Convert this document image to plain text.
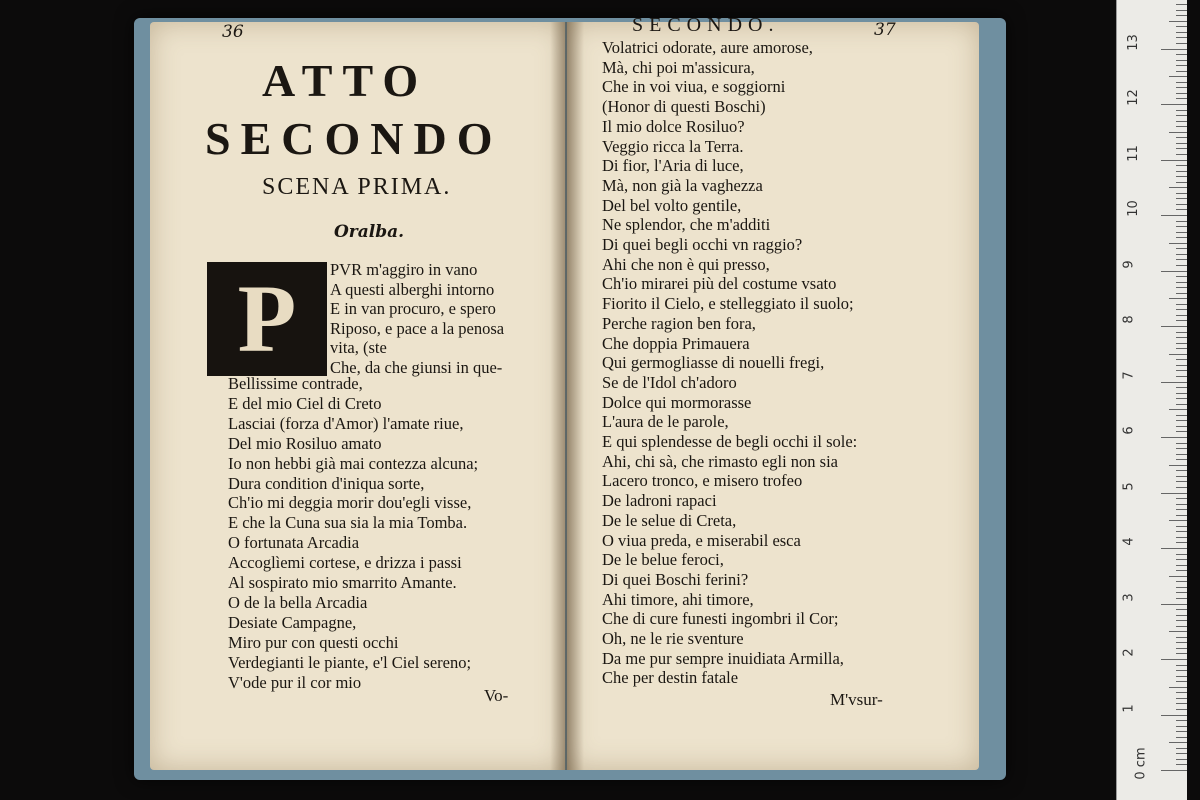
36
ATTO
SECONDO
SCENA PRIMA.
Oralba.
P	PVR m'aggiro in vano
A questi alberghi intorno
E in van procuro, e spero
Riposo, e pace a la penosa
vita, (ste
Che, da che giunsi in que-
Bellissime contrade,
E del mio Ciel di Creto
Lasciai (forza d'Amor) l'amate riue,
Del mio Rosiluo amato
Io non hebbi già mai contezza alcuna;
Dura condition d'iniqua sorte,
Ch'io mi deggia morir dou'egli visse,
E che la Cuna sua sia la mia Tomba.
O fortunata Arcadia
Accoglìemi cortese, e drizza i passi
Al sospirato mio smarrito Amante.
O de la bella Arcadia
Desiate Campagne,
Miro pur con questi occhi
Verdegianti le piante, e'l Ciel sereno;
V'ode pur il cor mio
Vo-
SECONDO.	37
Volatrici odorate, aure amorose,
Mà, chi poi m'assicura,
Che in voi viua, e soggiorni
(Honor di questi Boschi)
Il mio dolce Rosiluo?
Veggio ricca la Terra.
Di fior, l'Aria di luce,
Mà, non già la vaghezza
Del bel volto gentile,
Ne splendor, che m'additi
Di quei begli occhi vn raggio?
Ahi che non è qui presso,
Ch'io mirarei più del costume vsato
Fiorito il Cielo, e stelleggiato il suolo;
Perche ragion ben fora,
Che doppia Primauera
Qui germogliasse di nouelli fregi,
Se de l'Idol ch'adoro
Dolce qui mormorasse
L'aura de le parole,
E qui splendesse de begli occhi il sole:
Ahi, chi sà, che rimasto egli non sia
Lacero tronco, e misero trofeo
De ladroni rapaci
De le selue di Creta,
O viua preda, e miserabil esca
De le belue feroci,
Di quei Boschi ferini?
Ahi timore, ahi timore,
Che di cure funesti ingombri il Cor;
Oh, ne le rie sventure
Da me pur sempre inuidiata Armilla,
Che per destin fatale
M'vsur-
13
12
11
10
9
8
7
6
5
4
3
2
1
0 cm
